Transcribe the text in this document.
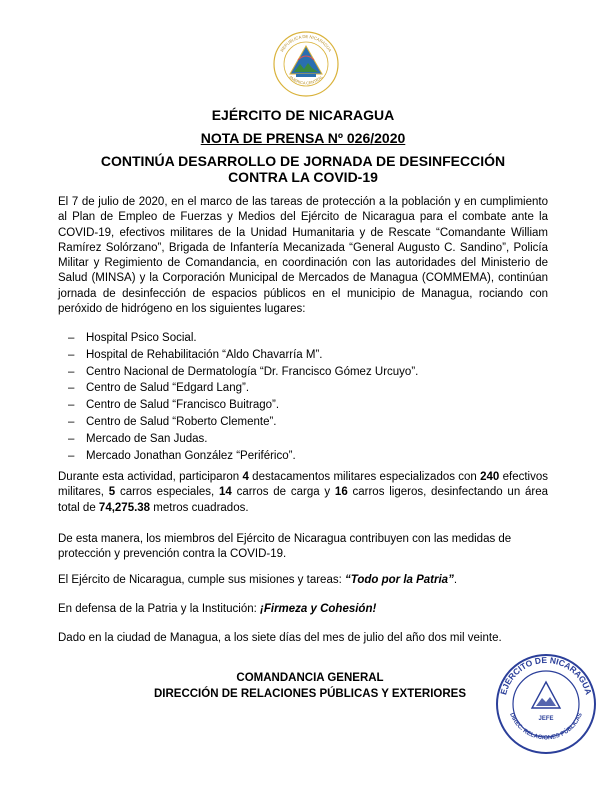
REPUBLICA DE NICARAGUA
AMERICA CENTRAL
EJÉRCITO DE NICARAGUA
NOTA DE PRENSA Nº 026/2020
CONTINÚA DESARROLLO DE JORNADA DE DESINFECCIÓN
CONTRA LA COVID-19
El 7 de julio de 2020, en el marco de las tareas de protección a la población y en cumplimiento al Plan de Empleo de Fuerzas y Medios del Ejército de Nicaragua para el combate ante la COVID-19, efectivos militares de la Unidad Humanitaria y de Rescate “Comandante William Ramírez Solórzano”, Brigada de Infantería Mecanizada “General Augusto C. Sandino”, Policía Militar y Regimiento de Comandancia, en coordinación con las autoridades del Ministerio de Salud (MINSA) y la Corporación Municipal de Mercados de Managua (COMMEMA), continúan jornada de desinfección de espacios públicos en el municipio de Managua, rociando con peróxido de hidrógeno en los siguientes lugares:
– Hospital Psico Social.
– Hospital de Rehabilitación “Aldo Chavarría M”.
– Centro Nacional de Dermatología “Dr. Francisco Gómez Urcuyo”.
– Centro de Salud “Edgard Lang”.
– Centro de Salud “Francisco Buitrago”.
– Centro de Salud “Roberto Clemente”.
– Mercado de San Judas.
– Mercado Jonathan González “Periférico”.
Durante esta actividad, participaron 4 destacamentos militares especializados con 240 efectivos militares, 5 carros especiales, 14 carros de carga y 16 carros ligeros, desinfectando un área total de 74,275.38 metros cuadrados.
De esta manera, los miembros del Ejército de Nicaragua contribuyen con las medidas de protección y prevención contra la COVID-19.
El Ejército de Nicaragua, cumple sus misiones y tareas: “Todo por la Patria”.
En defensa de la Patria y la Institución: ¡Firmeza y Cohesión!
Dado en la ciudad de Managua, a los siete días del mes de julio del año dos mil veinte.
COMANDANCIA GENERAL
DIRECCIÓN DE RELACIONES PÚBLICAS Y EXTERIORES
JEFE
EJÉRCITO DE NICARAGUA
DIREC. RELACIONES PÚBLICAS
